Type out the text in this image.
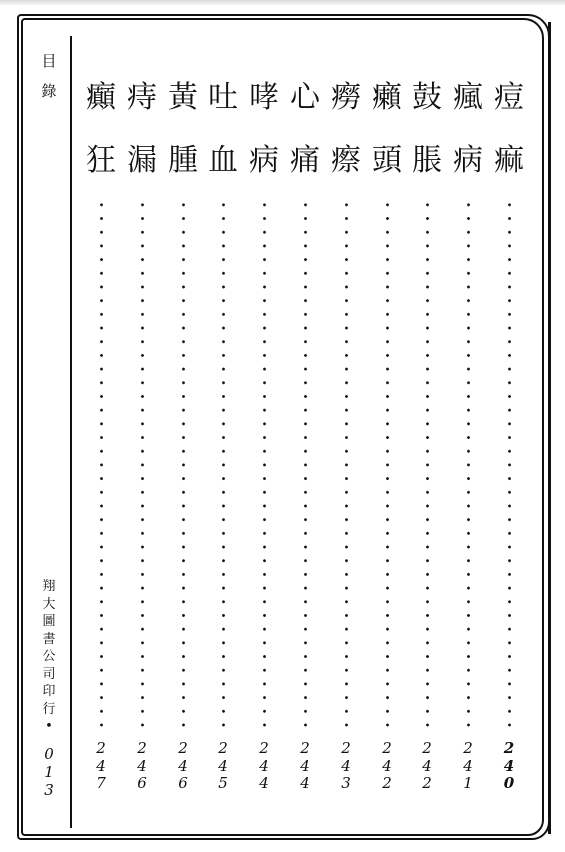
目
錄
翔
大
圖
書
公
司
印
行
•
0
1
3
痘
痲
2
4
0
瘋
病
2
4
1
鼓
脹
2
4
2
癩
頭
2
4
2
癆
瘵
2
4
3
心
痛
2
4
4
哮
病
2
4
4
吐
血
2
4
5
黃
腫
2
4
6
痔
漏
2
4
6
癲
狂
2
4
7
